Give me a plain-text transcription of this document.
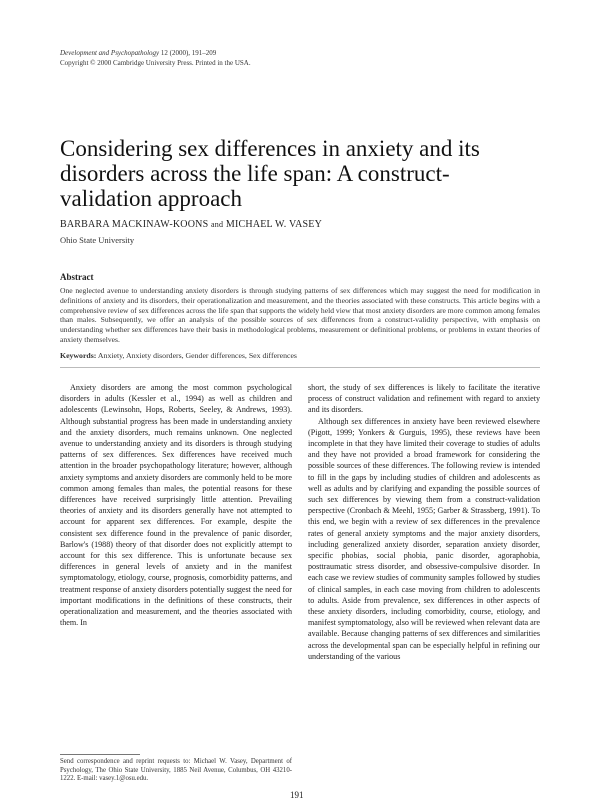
Development and Psychopathology 12 (2000), 191–209
Copyright © 2000 Cambridge University Press. Printed in the USA.
Considering sex differences in anxiety and its disorders across the life span: A construct-validation approach
BARBARA MACKINAW-KOONS and MICHAEL W. VASEY
Ohio State University
Abstract
One neglected avenue to understanding anxiety disorders is through studying patterns of sex differences which may suggest the need for modification in definitions of anxiety and its disorders, their operationalization and measurement, and the theories associated with these constructs. This article begins with a comprehensive review of sex differences across the life span that supports the widely held view that most anxiety disorders are more common among females than males. Subsequently, we offer an analysis of the possible sources of sex differences from a construct-validity perspective, with emphasis on understanding whether sex differences have their basis in methodological problems, measurement or definitional problems, or problems in extant theories of anxiety themselves.
Keywords: Anxiety, Anxiety disorders, Gender differences, Sex differences

Anxiety disorders are among the most common psychological disorders in adults (Kessler et al., 1994) as well as children and adolescents (Lewinsohn, Hops, Roberts, Seeley, & Andrews, 1993). Although substantial progress has been made in understanding anxiety and the anxiety disorders, much remains unknown. One neglected avenue to understanding anxiety and its disorders is through studying patterns of sex differences. Sex differences have received much attention in the broader psychopathology literature; however, although anxiety symptoms and anxiety disorders are commonly held to be more common among females than males, the potential reasons for these differences have received surprisingly little attention. Prevailing theories of anxiety and its disorders generally have not attempted to account for apparent sex differences. For example, despite the consistent sex difference found in the prevalence of panic disorder, Barlow's (1988) theory of that disorder does not explicitly attempt to account for this sex difference. This is unfortunate because sex differences in general levels of anxiety and in the manifest symptomatology, etiology, course, prognosis, comorbidity patterns, and treatment response of anxiety disorders potentially suggest the need for important modifications in the definitions of these constructs, their operationalization and measurement, and the theories associated with them. In

short, the study of sex differences is likely to facilitate the iterative process of construct validation and refinement with regard to anxiety and its disorders.

Although sex differences in anxiety have been reviewed elsewhere (Pigott, 1999; Yonkers & Gurguis, 1995), these reviews have been incomplete in that they have limited their coverage to studies of adults and they have not provided a broad framework for considering the possible sources of these differences. The following review is intended to fill in the gaps by including studies of children and adolescents as well as adults and by clarifying and expanding the possible sources of such sex differences by viewing them from a construct-validation perspective (Cronbach & Meehl, 1955; Garber & Strassberg, 1991). To this end, we begin with a review of sex differences in the prevalence rates of general anxiety symptoms and the major anxiety disorders, including generalized anxiety disorder, separation anxiety disorder, specific phobias, social phobia, panic disorder, agoraphobia, posttraumatic stress disorder, and obsessive-compulsive disorder. In each case we review studies of community samples followed by studies of clinical samples, in each case moving from children to adolescents to adults. Aside from prevalence, sex differences in other aspects of these anxiety disorders, including comorbidity, course, etiology, and manifest symptomatology, also will be reviewed when relevant data are available. Because changing patterns of sex differences and similarities across the developmental span can be especially helpful in refining our understanding of the various

Send correspondence and reprint requests to: Michael W. Vasey, Department of Psychology, The Ohio State University, 1885 Neil Avenue, Columbus, OH 43210-1222. E-mail: vasey.1@osu.edu.
191
